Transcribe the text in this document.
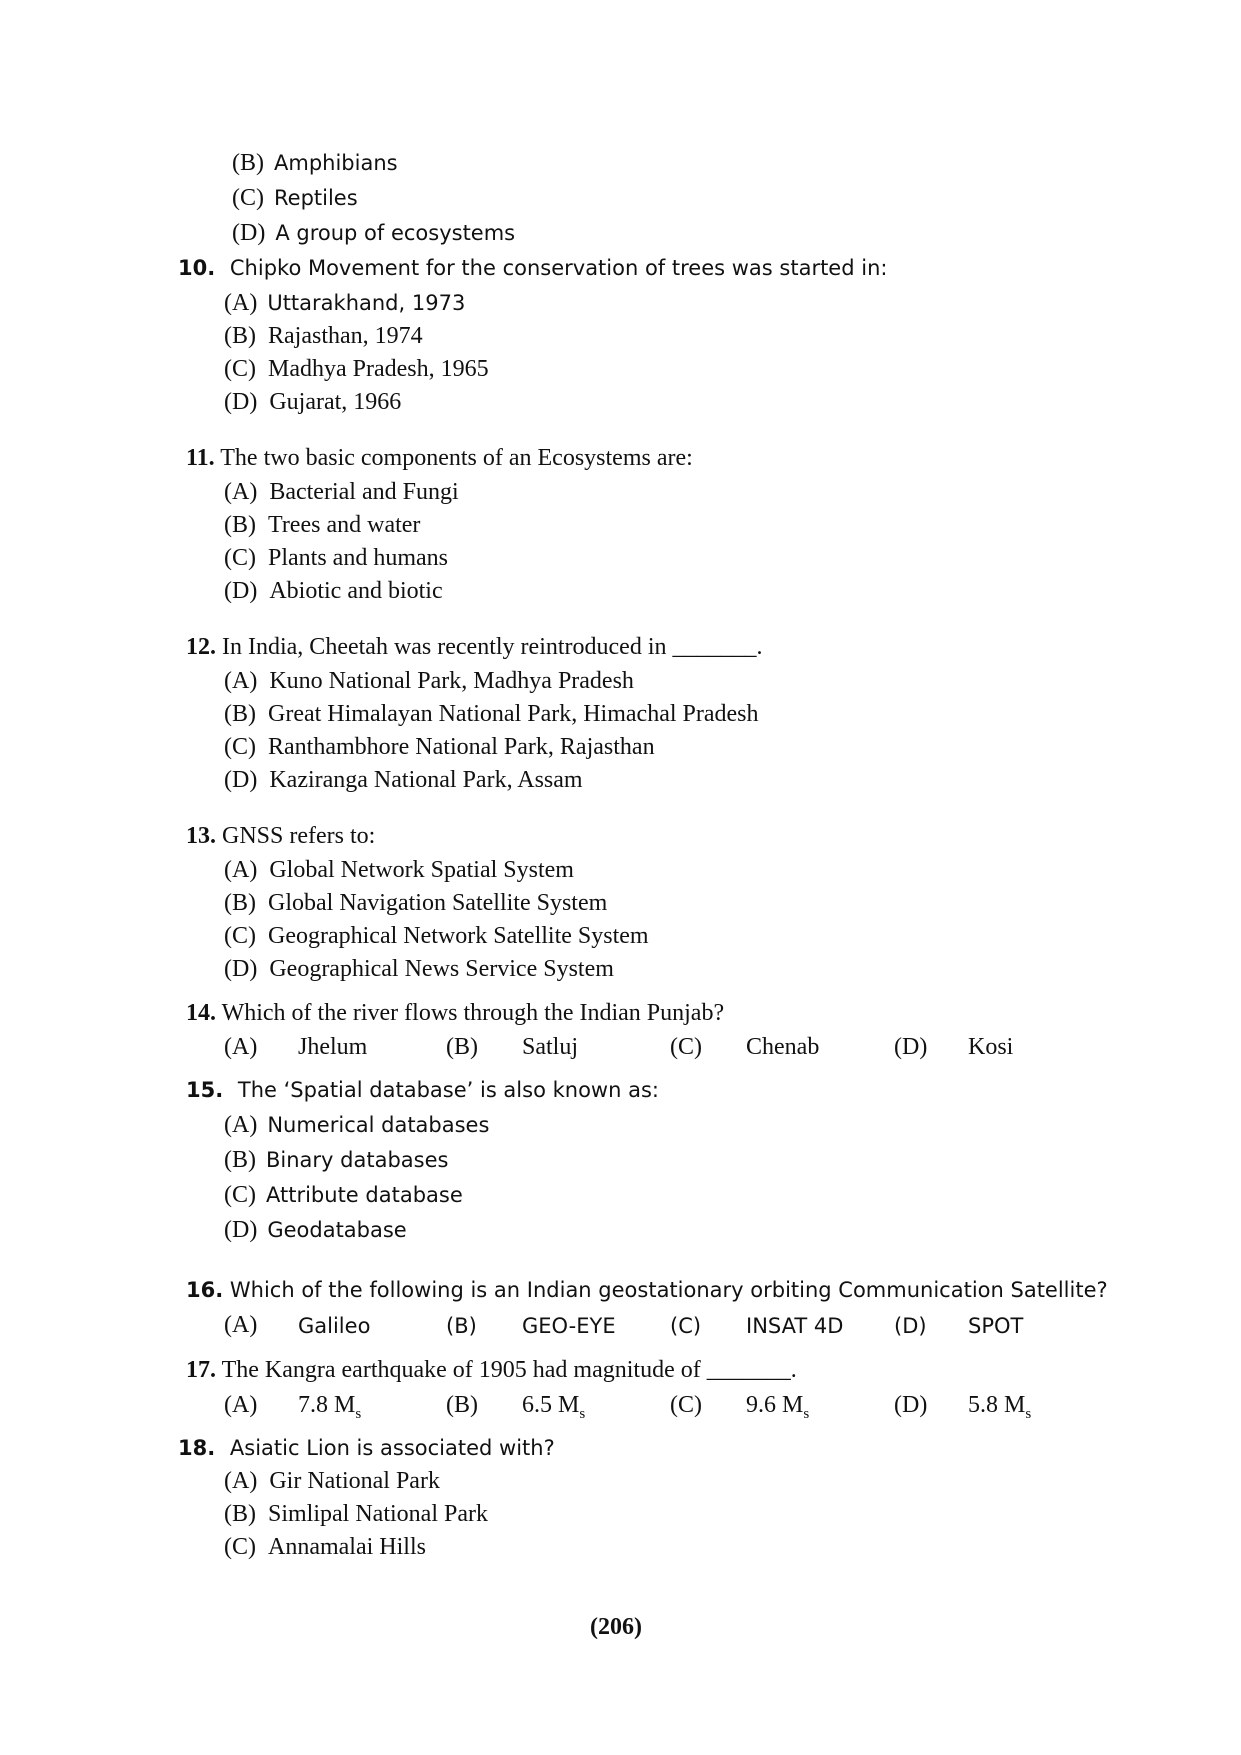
(B) Amphibians
(C) Reptiles
(D) A group of ecosystems
10. Chipko Movement for the conservation of trees was started in:
(A) Uttarakhand, 1973
(B) Rajasthan, 1974
(C) Madhya Pradesh, 1965
(D) Gujarat, 1966
11. The two basic components of an Ecosystems are:
(A) Bacterial and Fungi
(B) Trees and water
(C) Plants and humans
(D) Abiotic and biotic
12. In India, Cheetah was recently reintroduced in _______.
(A) Kuno National Park, Madhya Pradesh
(B) Great Himalayan National Park, Himachal Pradesh
(C) Ranthambhore National Park, Rajasthan
(D) Kaziranga National Park, Assam
13. GNSS refers to:
(A) Global Network Spatial System
(B) Global Navigation Satellite System
(C) Geographical Network Satellite System
(D) Geographical News Service System
14. Which of the river flows through the Indian Punjab?
(A) Jhelum	(B) Satluj	(C) Chenab	(D) Kosi
15. The ‘Spatial database’ is also known as:
(A) Numerical databases
(B) Binary databases
(C) Attribute database
(D) Geodatabase
16. Which of the following is an Indian geostationary orbiting Communication Satellite?
(A) Galileo	(B) GEO-EYE	(C) INSAT 4D (D) SPOT
17. The Kangra earthquake of 1905 had magnitude of _______.
(A) 7.8 $M_s$	(B) 6.5 $M_s$	(C) 9.6 $M_s$	(D) 5.8 $M_s$
18. Asiatic Lion is associated with?
(A) Gir National Park
(B) Simlipal National Park
(C) Annamalai Hills
(206)
